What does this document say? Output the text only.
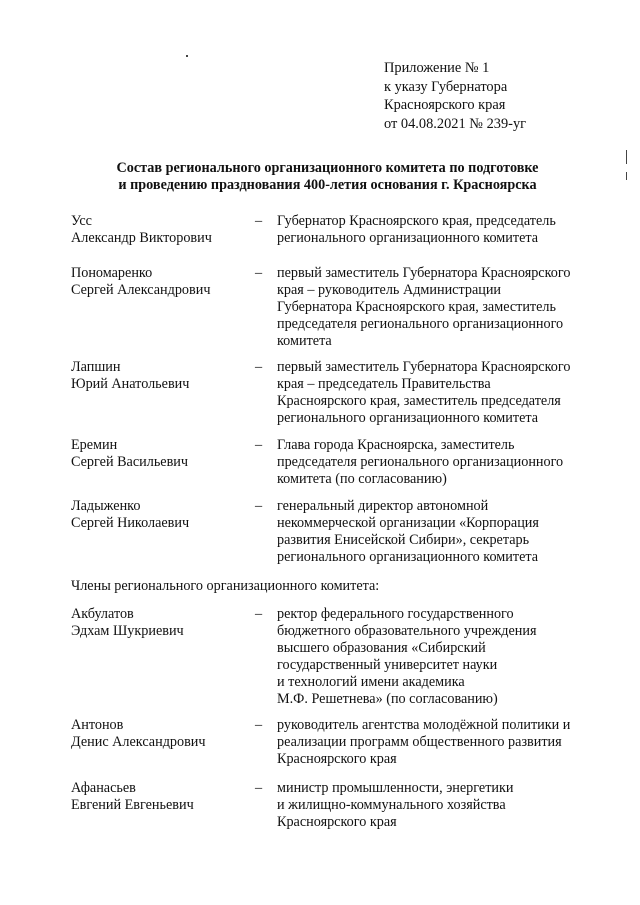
Приложение № 1
к указу Губернатора
Красноярского края
от 04.08.2021 № 239-уг
Состав регионального организационного комитета по подготовке
и проведению празднования 400-летия основания г. Красноярска
Усс
Александр Викторович
– Губернатор Красноярского края, председатель
регионального организационного комитета
Пономаренко
Сергей Александрович
– первый заместитель Губернатора Красноярского
края – руководитель Администрации
Губернатора Красноярского края, заместитель
председателя регионального организационного
комитета
Лапшин
Юрий Анатольевич
– первый заместитель Губернатора Красноярского
края – председатель Правительства
Красноярского края, заместитель председателя
регионального организационного комитета
Еремин
Сергей Васильевич
– Глава города Красноярска, заместитель
председателя регионального организационного
комитета (по согласованию)
Ладыженко
Сергей Николаевич
– генеральный директор автономной
некоммерческой организации «Корпорация
развития Енисейской Сибири», секретарь
регионального организационного комитета
Члены регионального организационного комитета:
Акбулатов
Эдхам Шукриевич
– ректор федерального государственного
бюджетного образовательного учреждения
высшего образования «Сибирский
государственный университет науки
и технологий имени академика
М.Ф. Решетнева» (по согласованию)
Антонов
Денис Александрович
– руководитель агентства молодёжной политики и
реализации программ общественного развития
Красноярского края
Афанасьев
Евгений Евгеньевич
– министр промышленности, энергетики
и жилищно-коммунального хозяйства
Красноярского края
